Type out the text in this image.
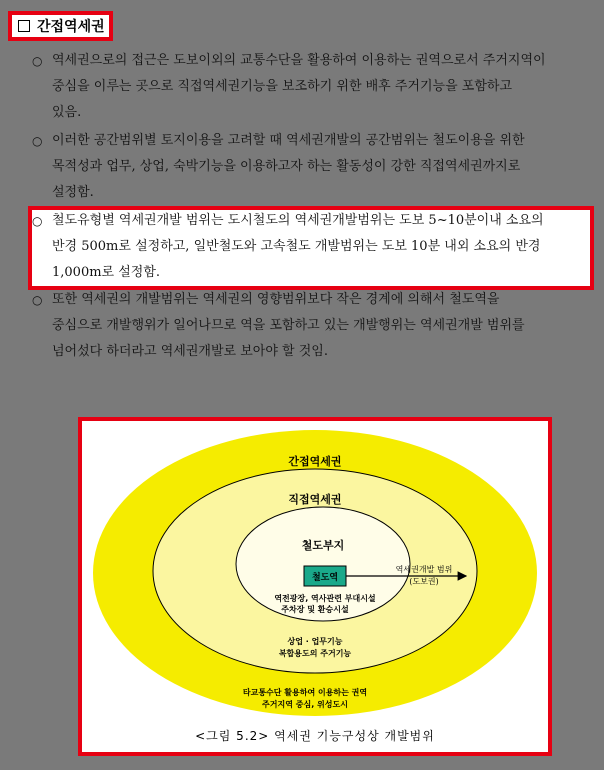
간접역세권
○ 역세권으로의 접근은 도보이외의 교통수단을 활용하여 이용하는 권역으로서 주거지역이
중심을 이루는 곳으로 직접역세권기능을 보조하기 위한 배후 주거기능을 포함하고
있음.
○ 이러한 공간범위별 토지이용을 고려할 때 역세권개발의 공간범위는 철도이용을 위한
목적성과 업무, 상업, 숙박기능을 이용하고자 하는 활동성이 강한 직접역세권까지로
설정함.
○ 철도유형별 역세권개발 범위는 도시철도의 역세권개발범위는 도보 5~10분이내 소요의
반경 500m로 설정하고, 일반철도와 고속철도 개발범위는 도보 10분 내외 소요의 반경
1,000m로 설정함.
○ 또한 역세권의 개발범위는 역세권의 영향범위보다 작은 경계에 의해서 철도역을
중심으로 개발행위가 일어나므로 역을 포함하고 있는 개발행위는 역세권개발 범위를
넘어섰다 하더라고 역세권개발로 보아야 할 것임.
간접역세권
직접역세권
철도부지
철도역
역세권개발 범위
(도보권)
역전광장, 역사관련 부대시설
주차장 및 환승시설
상업 · 업무기능
복합용도의 주거기능
타교통수단 활용하여 이용하는 권역
주거지역 중심, 위성도시
<그림 5.2> 역세권 기능구성상 개발범위
